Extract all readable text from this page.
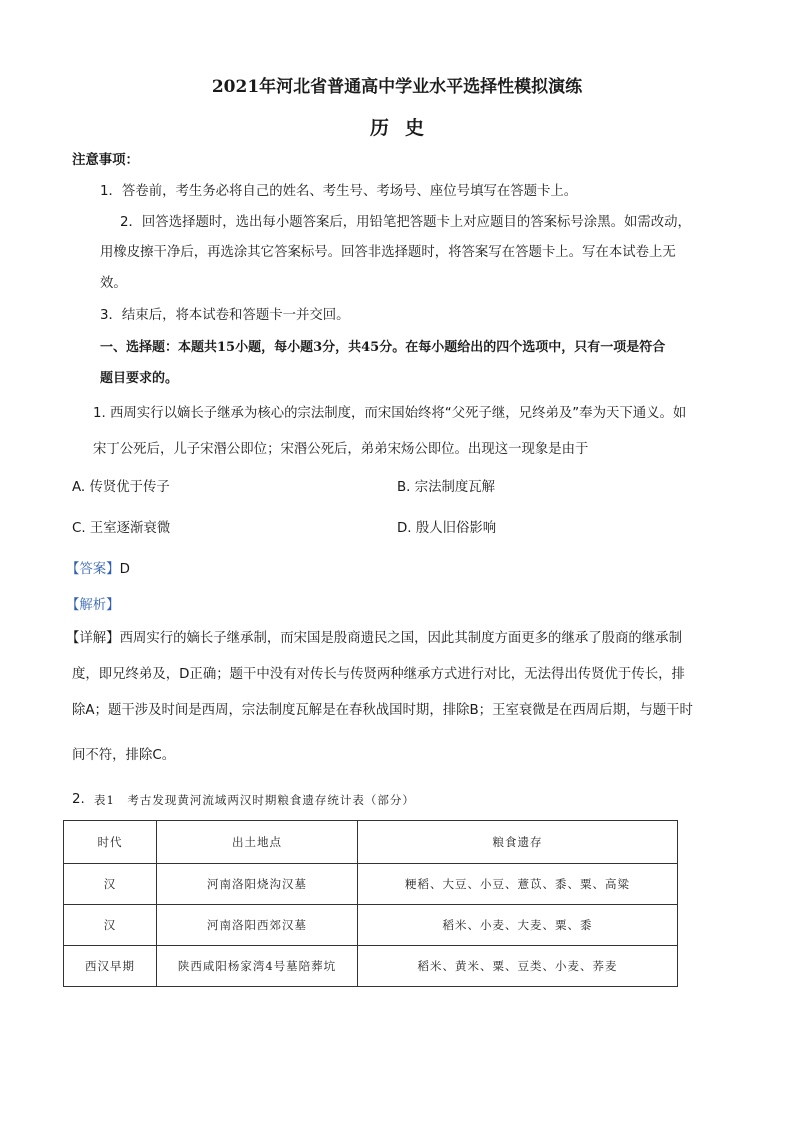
2021年河北省普通高中学业水平选择性模拟演练
历史
注意事项：
1．答卷前，考生务必将自己的姓名、考生号、考场号、座位号填写在答题卡上。
2．回答选择题时，选出每小题答案后，用铅笔把答题卡上对应题目的答案标号涂黑。如需改动，
用橡皮擦干净后，再选涂其它答案标号。回答非选择题时，将答案写在答题卡上。写在本试卷上无
效。
3．结束后，将本试卷和答题卡一并交回。
一、选择题：本题共15小题，每小题3分，共45分。在每小题给出的四个选项中，只有一项是符合
题目要求的。
1. 西周实行以嫡长子继承为核心的宗法制度，而宋国始终将“父死子继，兄终弟及”奉为天下通义。如
宋丁公死后，儿子宋湣公即位；宋湣公死后，弟弟宋炀公即位。出现这一现象是由于
A. 传贤优于传子	B. 宗法制度瓦解
C. 王室逐渐衰微	D. 殷人旧俗影响
【答案】D
【解析】
【详解】西周实行的嫡长子继承制，而宋国是殷商遗民之国，因此其制度方面更多的继承了殷商的继承制
度，即兄终弟及，D正确；题干中没有对传长与传贤两种继承方式进行对比，无法得出传贤优于传长，排
除A；题干涉及时间是西周，宗法制度瓦解是在春秋战国时期，排除B；王室衰微是在西周后期，与题干时
间不符，排除C。
2. 表1　考古发现黄河流域两汉时期粮食遗存统计表（部分）
时代	出土地点	粮食遗存
汉	河南洛阳烧沟汉墓	粳稻、大豆、小豆、薏苡、黍、粟、高粱
汉	河南洛阳西郊汉墓	稻米、小麦、大麦、粟、黍
西汉早期	陕西咸阳杨家湾4号墓陪葬坑	稻米、黄米、粟、豆类、小麦、荞麦
